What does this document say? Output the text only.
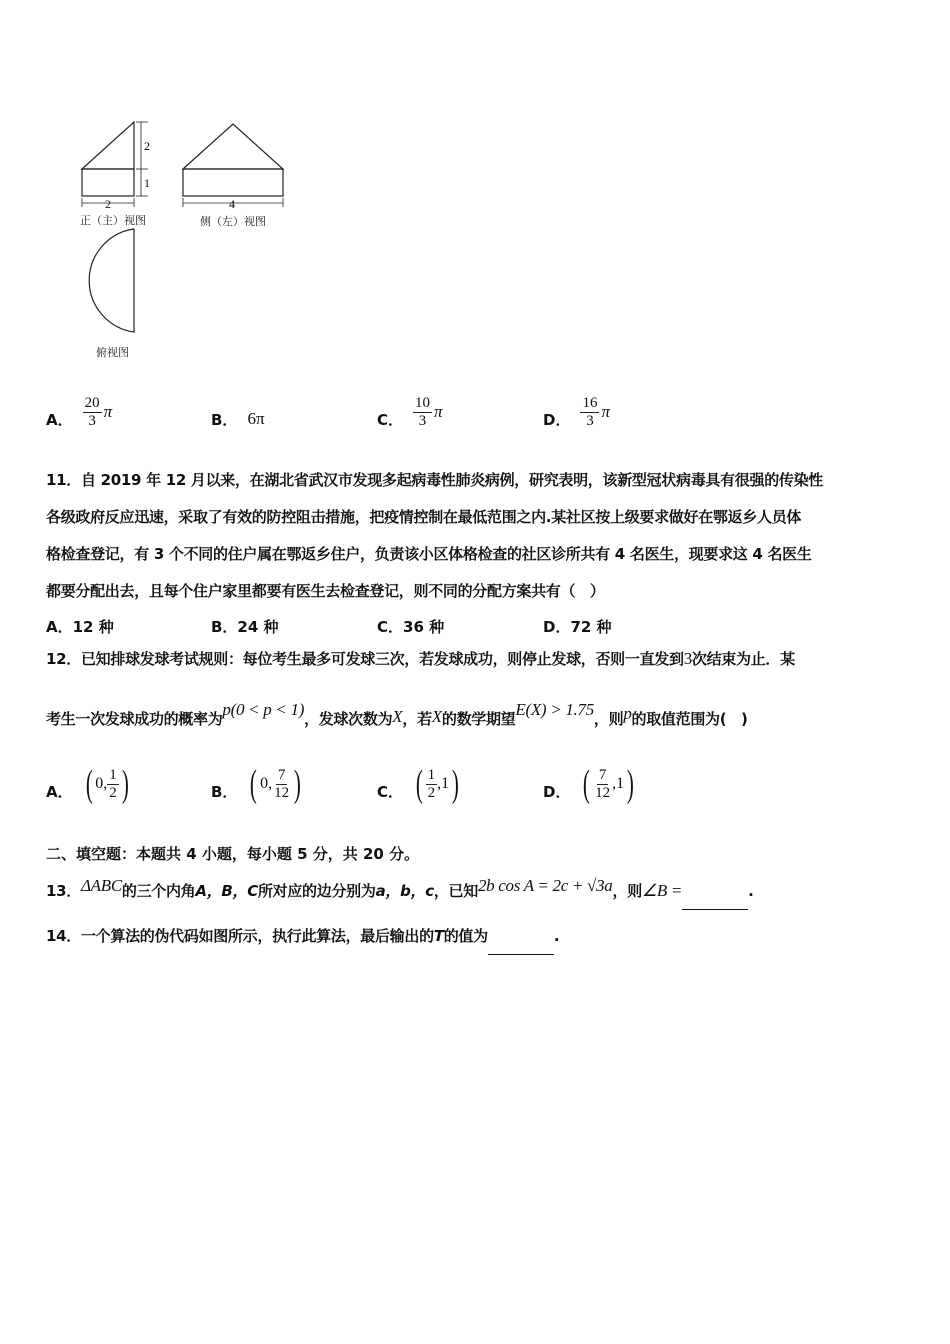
2
1
2	4
正（主）视图	侧（左）视图
俯视图
A． $\frac{20}{3}$ π	B． 6π	C． $\frac{10}{3}$ π	D． $\frac{16}{3}$ π

11．自 2019 年 12 月以来，在湖北省武汉市发现多起病毒性肺炎病例，研究表明，该新型冠状病毒具有很强的传染性

各级政府反应迅速，采取了有效的防控阻击措施，把疫情控制在最低范围之内.某社区按上级要求做好在鄂返乡人员体

格检查登记，有 3 个不同的住户属在鄂返乡住户，负责该小区体格检查的社区诊所共有 4 名医生，现要求这 4 名医生

都要分配出去，且每个住户家里都要有医生去检查登记，则不同的分配方案共有（　）

A．12 种	B．24 种	C．36 种	D．72 种

12．已知排球发球考试规则：每位考生最多可发球三次，若发球成功，则停止发球，否则一直发到3次结束为止．某

考生一次发球成功的概率为p(0 < p < 1)，发球次数为X，若X的数学期望E(X) > 1.75，则p的取值范围为(　)

A． ( 0, $\frac{1}{2}$ )	B． ( 0, $\frac{7}{12}$ )	C． ( $\frac{1}{2} ,1$ )	D． ( $\frac{7}{12} ,1$ )

二、填空题：本题共 4 小题，每小题 5 分，共 20 分。

13．ΔABC的三个内角A，B，C所对应的边分别为a，b，c，已知2b cos A = 2c + √3a，则∠B =	.

14．一个算法的伪代码如图所示，执行此算法，最后输出的T的值为	.
